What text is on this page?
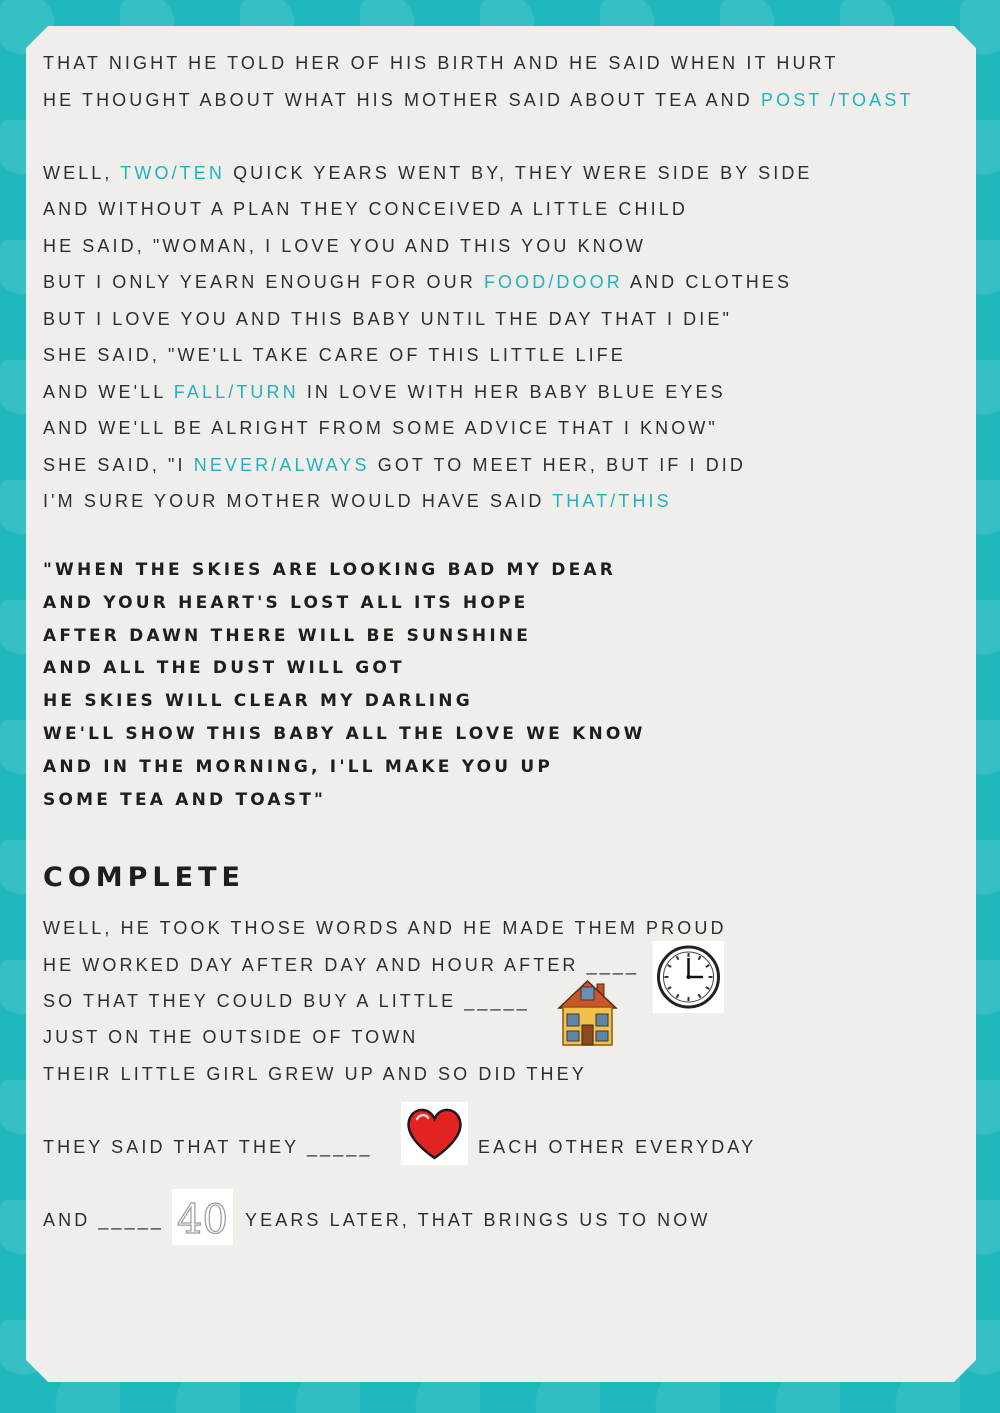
THAT NIGHT HE TOLD HER OF HIS BIRTH AND HE SAID WHEN IT HURT

HE THOUGHT ABOUT WHAT HIS MOTHER SAID ABOUT TEA AND POST /TOAST

WELL, TWO/TEN QUICK YEARS WENT BY, THEY WERE SIDE BY SIDE

AND WITHOUT A PLAN THEY CONCEIVED A LITTLE CHILD

HE SAID, "WOMAN, I LOVE YOU AND THIS YOU KNOW

BUT I ONLY YEARN ENOUGH FOR OUR FOOD/DOOR AND CLOTHES

BUT I LOVE YOU AND THIS BABY UNTIL THE DAY THAT I DIE"

SHE SAID, "WE'LL TAKE CARE OF THIS LITTLE LIFE

AND WE'LL FALL/TURN IN LOVE WITH HER BABY BLUE EYES

AND WE'LL BE ALRIGHT FROM SOME ADVICE THAT I KNOW"

SHE SAID, "I NEVER/ALWAYS GOT TO MEET HER, BUT IF I DID

I'M SURE YOUR MOTHER WOULD HAVE SAID THAT/THIS

"WHEN THE SKIES ARE LOOKING BAD MY DEAR

AND YOUR HEART'S LOST ALL ITS HOPE

AFTER DAWN THERE WILL BE SUNSHINE

AND ALL THE DUST WILL GOT

HE SKIES WILL CLEAR MY DARLING

WE'LL SHOW THIS BABY ALL THE LOVE WE KNOW

AND IN THE MORNING, I'LL MAKE YOU UP

SOME TEA AND TOAST"

COMPLETE

WELL, HE TOOK THOSE WORDS AND HE MADE THEM PROUD

HE WORKED DAY AFTER DAY AND HOUR AFTER ____

SO THAT THEY COULD BUY A LITTLE _____

JUST ON THE OUTSIDE OF TOWN

THEIR LITTLE GIRL GREW UP AND SO DID THEY

THEY SAID THAT THEY _____	EACH OTHER EVERYDAY

AND _____	YEARS LATER, THAT BRINGS US TO NOW

40
